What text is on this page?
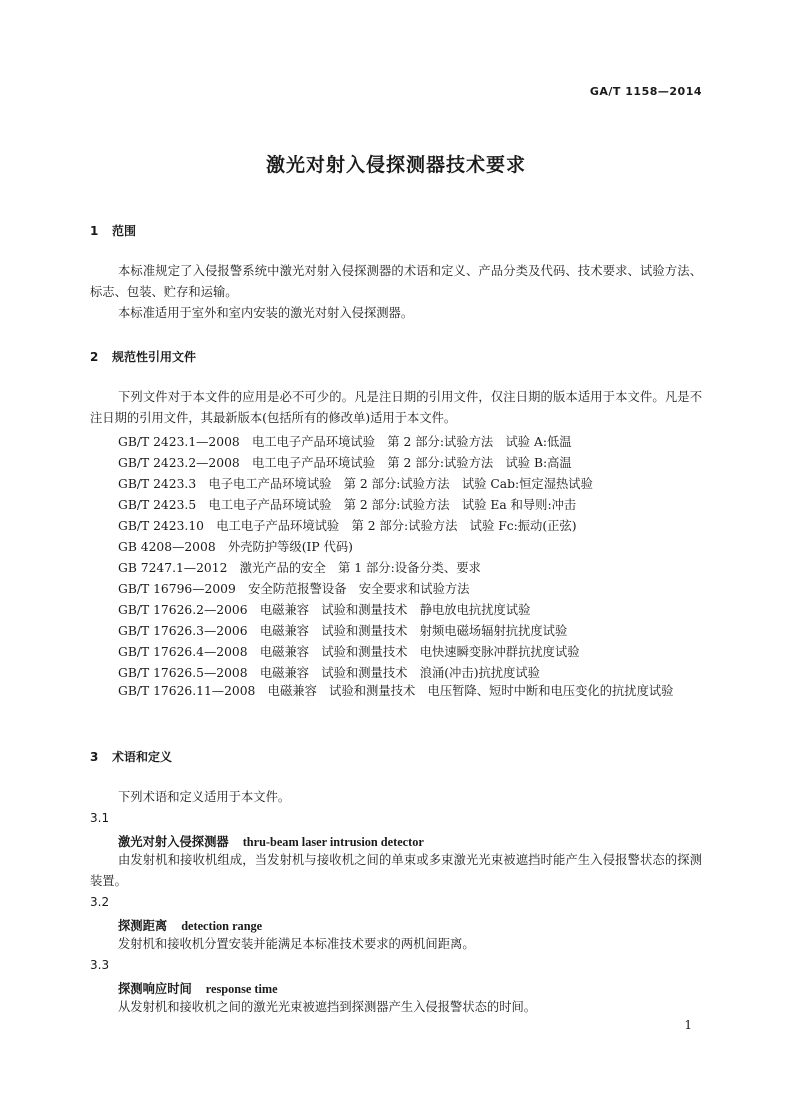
GA/T 1158—2014
激光对射入侵探测器技术要求
1 范围
本标准规定了入侵报警系统中激光对射入侵探测器的术语和定义、产品分类及代码、技术要求、试验方法、标志、包装、贮存和运输。
本标准适用于室外和室内安装的激光对射入侵探测器。
2 规范性引用文件
下列文件对于本文件的应用是必不可少的。凡是注日期的引用文件，仅注日期的版本适用于本文件。凡是不注日期的引用文件，其最新版本(包括所有的修改单)适用于本文件。
GB/T 2423.1—2008　电工电子产品环境试验　第 2 部分:试验方法　试验 A:低温
GB/T 2423.2—2008　电工电子产品环境试验　第 2 部分:试验方法　试验 B:高温
GB/T 2423.3　电子电工产品环境试验　第 2 部分:试验方法　试验 Cab:恒定湿热试验
GB/T 2423.5　电工电子产品环境试验　第 2 部分:试验方法　试验 Ea 和导则:冲击
GB/T 2423.10　电工电子产品环境试验　第 2 部分:试验方法　试验 Fc:振动(正弦)
GB 4208—2008　外壳防护等级(IP 代码)
GB 7247.1—2012　激光产品的安全　第 1 部分:设备分类、要求
GB/T 16796—2009　安全防范报警设备　安全要求和试验方法
GB/T 17626.2—2006　电磁兼容　试验和测量技术　静电放电抗扰度试验
GB/T 17626.3—2006　电磁兼容　试验和测量技术　射频电磁场辐射抗扰度试验
GB/T 17626.4—2008　电磁兼容　试验和测量技术　电快速瞬变脉冲群抗扰度试验
GB/T 17626.5—2008　电磁兼容　试验和测量技术　浪涌(冲击)抗扰度试验
GB/T 17626.11—2008　电磁兼容　试验和测量技术　电压暂降、短时中断和电压变化的抗扰度试验
3 术语和定义
下列术语和定义适用于本文件。
3.1
激光对射入侵探测器 thru-beam laser intrusion detector
由发射机和接收机组成，当发射机与接收机之间的单束或多束激光光束被遮挡时能产生入侵报警状态的探测装置。
3.2
探测距离 detection range
发射机和接收机分置安装并能满足本标准技术要求的两机间距离。
3.3
探测响应时间 response time
从发射机和接收机之间的激光光束被遮挡到探测器产生入侵报警状态的时间。
1
